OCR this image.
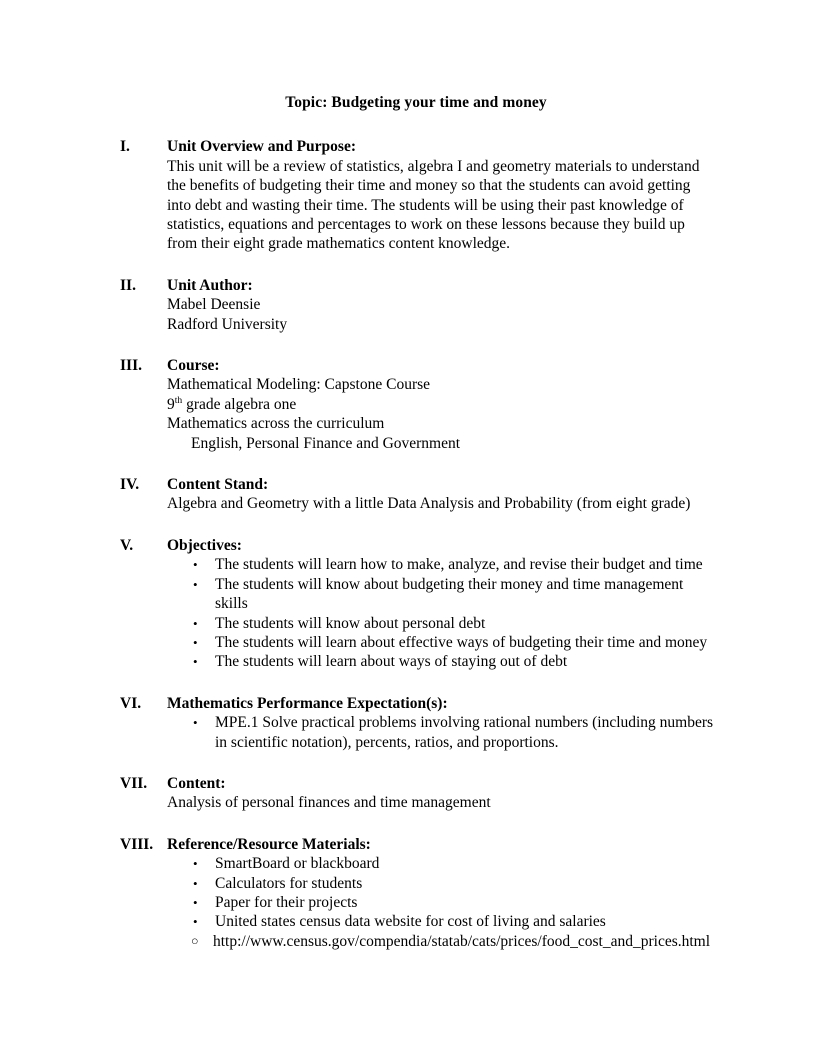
Topic: Budgeting your time and money
I.	Unit Overview and Purpose:
This unit will be a review of statistics, algebra I and geometry materials to understand the benefits of budgeting their time and money so that the students can avoid getting into debt and wasting their time. The students will be using their past knowledge of statistics, equations and percentages to work on these lessons because they build up from their eight grade mathematics content knowledge.
II.	Unit Author:
Mabel Deensie
Radford University
III.	Course:
Mathematical Modeling: Capstone Course
9th grade algebra one
Mathematics across the curriculum
English, Personal Finance and Government
IV.	Content Stand:
Algebra and Geometry with a little Data Analysis and Probability (from eight grade)
V.	Objectives:
• The students will learn how to make, analyze, and revise their budget and time
• The students will know about budgeting their money and time management skills
• The students will know about personal debt
• The students will learn about effective ways of budgeting their time and money
• The students will learn about ways of staying out of debt
VI.	Mathematics Performance Expectation(s):
• MPE.1 Solve practical problems involving rational numbers (including numbers in scientific notation), percents, ratios, and proportions.
VII.	Content:
Analysis of personal finances and time management
VIII. Reference/Resource Materials:
• SmartBoard or blackboard
• Calculators for students
• Paper for their projects
• United states census data website for cost of living and salaries
○ http://www.census.gov/compendia/statab/cats/prices/food_cost_and_prices.html
